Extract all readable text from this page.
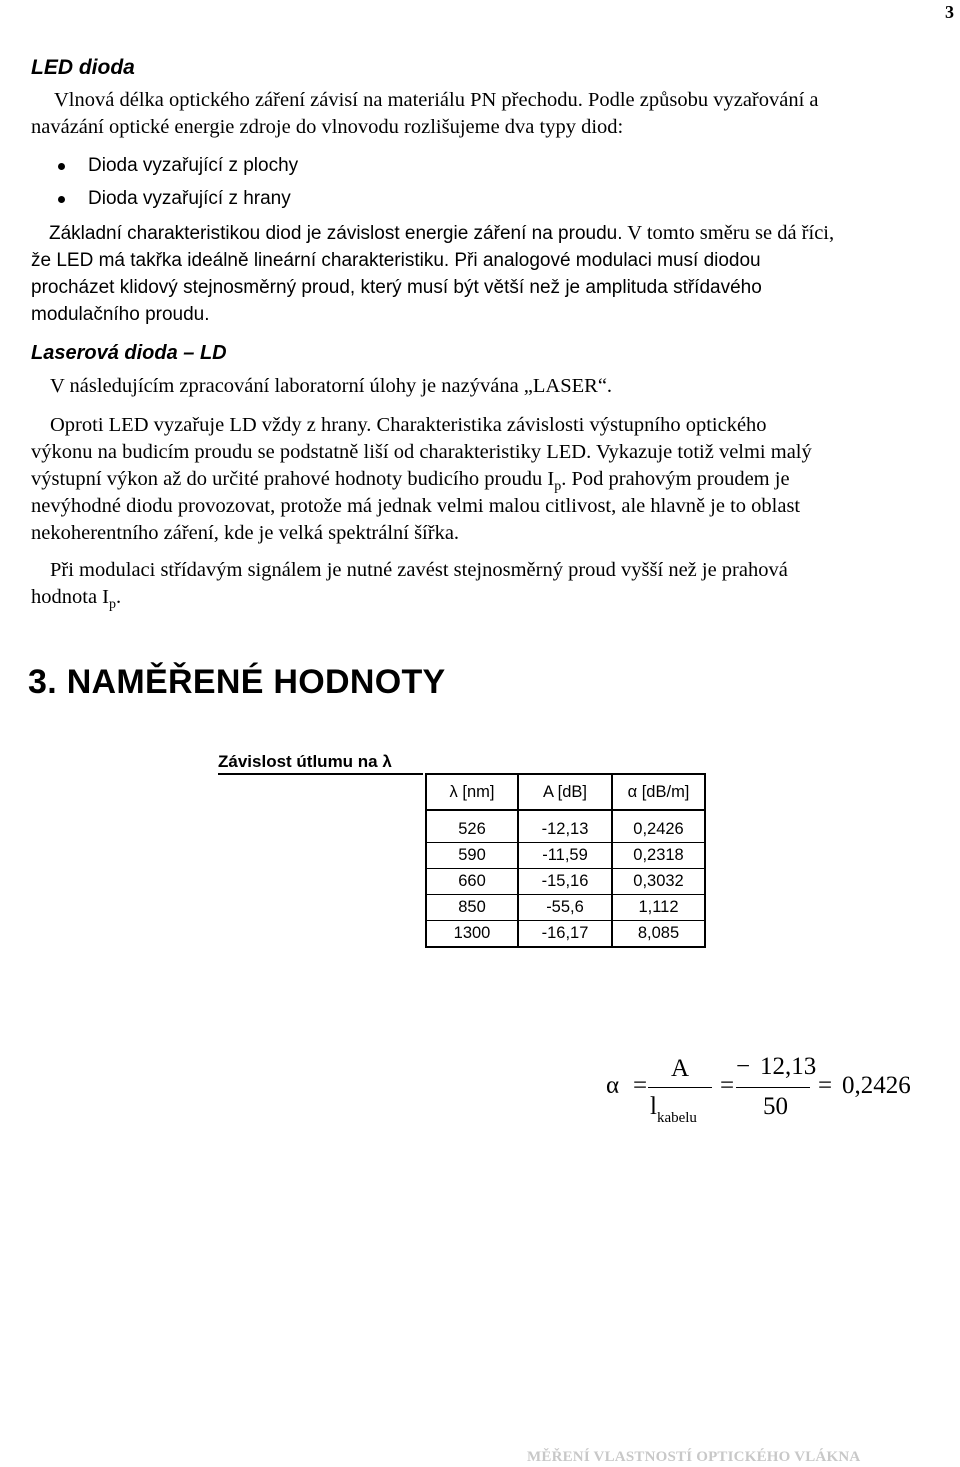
3
LED dioda

Vlnová délka optického záření závisí na materiálu PN přechodu. Podle způsobu vyzařování a

navázání optické energie zdroje do vlnovodu rozlišujeme dva typy diod:

Dioda vyzařující z plochy
Dioda vyzařující z hrany

Základní charakteristikou diod je závislost energie záření na proudu. V tomto směru se dá říci,

že LED má takřka ideálně lineární charakteristiku. Při analogové modulaci musí diodou

procházet klidový stejnosměrný proud, který musí být větší než je amplituda střídavého

modulačního proudu.

Laserová dioda – LD

V následujícím zpracování laboratorní úlohy je nazývána „LASER“.

Oproti LED vyzařuje LD vždy z hrany. Charakteristika závislosti výstupního optického

výkonu na budicím proudu se podstatně liší od charakteristiky LED. Vykazuje totiž velmi malý

výstupní výkon až do určité prahové hodnoty budicího proudu $I_p$. Pod prahovým proudem je

nevýhodné diodu provozovat, protože má jednak velmi malou citlivost, ale hlavně je to oblast

nekoherentního záření, kde je velká spektrální šířka.

Při modulaci střídavým signálem je nutné zavést stejnosměrný proud vyšší než je prahová

hodnota $I_p$.

3. NAMĚŘENÉ HODNOTY
Závislost útlumu na λ
λ [nm]	A [dB]	α [dB/m]

526	-12,13	0,2426
590	-11,59	0,2318
660	-15,16	0,3032
850	-55,6	1,112
1300	-16,17	8,085
α =
A
$l_{kabelu}$
=
− 12,13
50
= 0,2426
MĚŘENÍ VLASTNOSTÍ OPTICKÉHO VLÁKNA
